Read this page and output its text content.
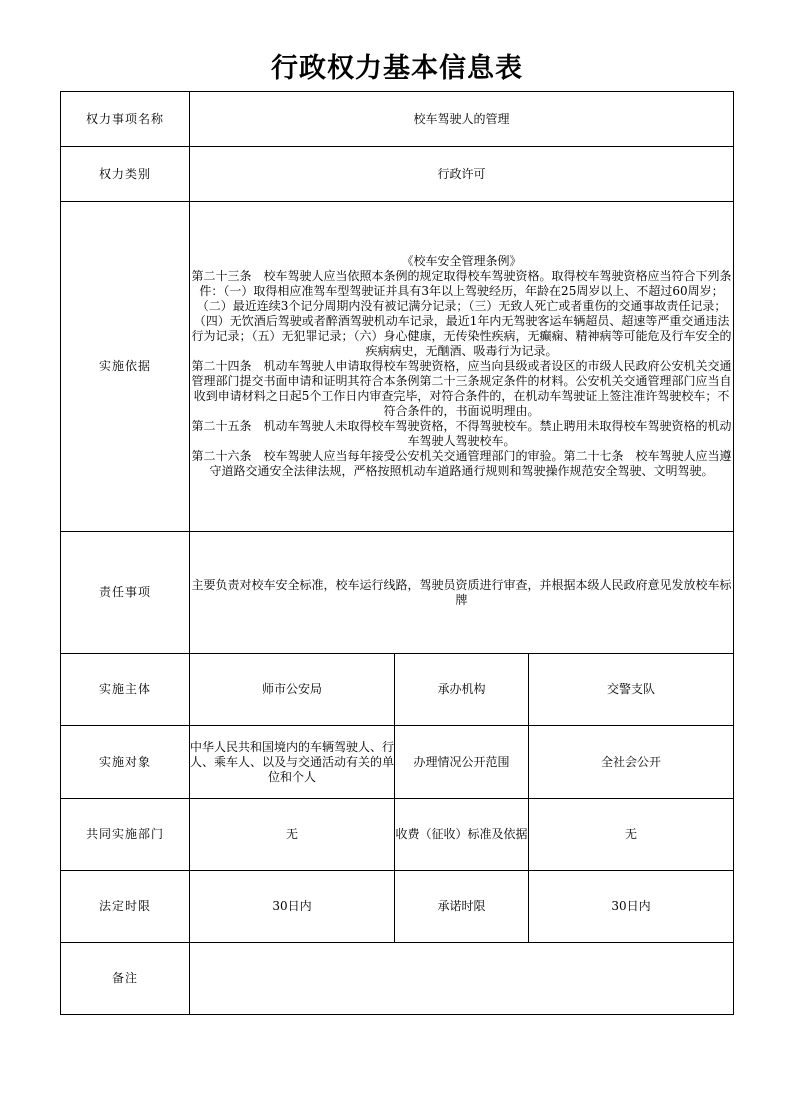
行政权力基本信息表
权力事项名称	校车驾驶人的管理		
权力类别	行政许可		
实施依据	《校车安全管理条例》
第二十三条　校车驾驶人应当依照本条例的规定取得校车驾驶资格。取得校车驾驶资格应当符合下列条件：（一）取得相应准驾车型驾驶证并具有3年以上驾驶经历，年龄在25周岁以上、不超过60周岁；（二）最近连续3个记分周期内没有被记满分记录；（三）无致人死亡或者重伤的交通事故责任记录；（四）无饮酒后驾驶或者醉酒驾驶机动车记录，最近1年内无驾驶客运车辆超员、超速等严重交通违法行为记录；（五）无犯罪记录；（六）身心健康，无传染性疾病，无癫痫、精神病等可能危及行车安全的疾病病史，无酗酒、吸毒行为记录。
第二十四条　机动车驾驶人申请取得校车驾驶资格，应当向县级或者设区的市级人民政府公安机关交通管理部门提交书面申请和证明其符合本条例第二十三条规定条件的材料。公安机关交通管理部门应当自收到申请材料之日起5个工作日内审查完毕，对符合条件的，在机动车驾驶证上签注准许驾驶校车；不符合条件的，书面说明理由。
第二十五条　机动车驾驶人未取得校车驾驶资格，不得驾驶校车。禁止聘用未取得校车驾驶资格的机动车驾驶人驾驶校车。
第二十六条　校车驾驶人应当每年接受公安机关交通管理部门的审验。第二十七条　校车驾驶人应当遵守道路交通安全法律法规，严格按照机动车道路通行规则和驾驶操作规范安全驾驶、文明驾驶。		

责任事项	主要负责对校车安全标准，校车运行线路，驾驶员资质进行审查，并根据本级人民政府意见发放校车标牌		
实施主体	师市公安局	承办机构	交警支队
实施对象	中华人民共和国境内的车辆驾驶人、行人、乘车人、以及与交通活动有关的单位和个人	办理情况公开范围	全社会公开
共同实施部门	无	收费（征收）标准及依据	无
法定时限	30日内	承诺时限	30日内
备注			
